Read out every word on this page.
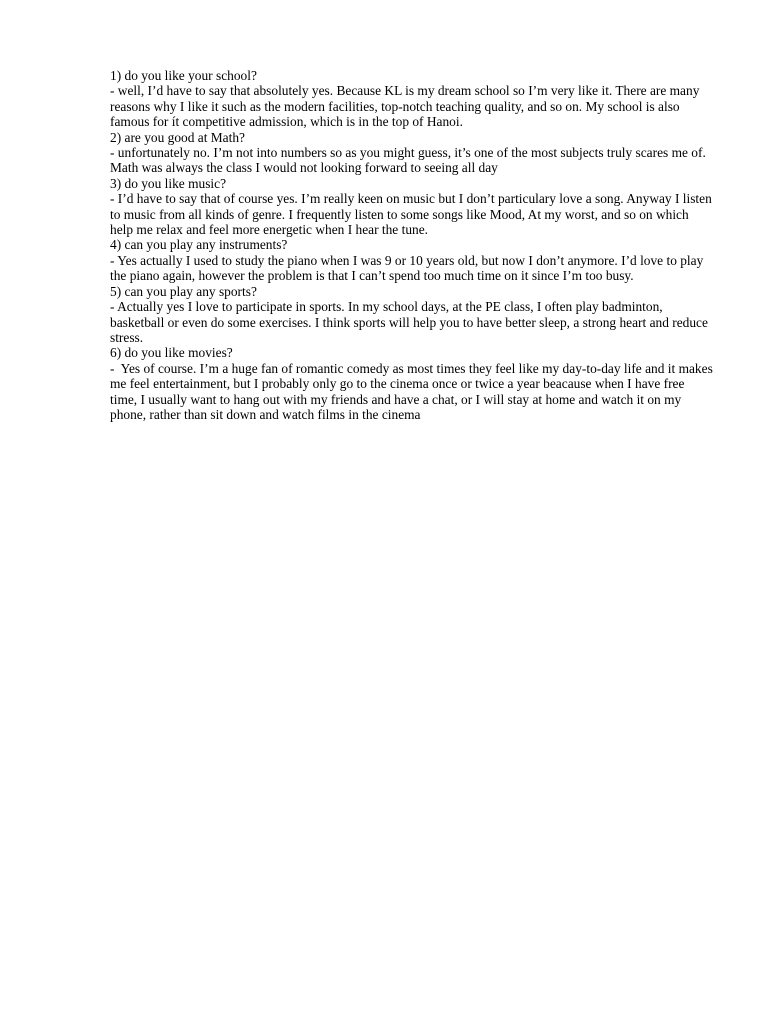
1) do you like your school?

- well, I’d have to say that absolutely yes. Because KL is my dream school so I’m very like it. There are many reasons why I like it such as the modern facilities, top-notch teaching quality, and so on. My school is also famous for ít competitive admission, which is in the top of Hanoi.

2) are you good at Math?

- unfortunately no. I’m not into numbers so as you might guess, it’s one of the most subjects truly scares me of. Math was always the class I would not looking forward to seeing all day

3) do you like music?

- I’d have to say that of course yes. I’m really keen on music but I don’t particulary love a song. Anyway I listen to music from all kinds of genre. I frequently listen to some songs like Mood, At my worst, and so on which help me relax and feel more energetic when I hear the tune.

4) can you play any instruments?

- Yes actually I used to study the piano when I was 9 or 10 years old, but now I don’t anymore. I’d love to play the piano again, however the problem is that I can’t spend too much time on it since I’m too busy.

5) can you play any sports?

- Actually yes I love to participate in sports. In my school days, at the PE class, I often play badminton, basketball or even do some exercises. I think sports will help you to have better sleep, a strong heart and reduce stress.

6) do you like movies?

-  Yes of course. I’m a huge fan of romantic comedy as most times they feel like my day-to-day life and it makes me feel entertainment, but I probably only go to the cinema once or twice a year beacause when I have free time, I usually want to hang out with my friends and have a chat, or I will stay at home and watch it on my phone, rather than sit down and watch films in the cinema
